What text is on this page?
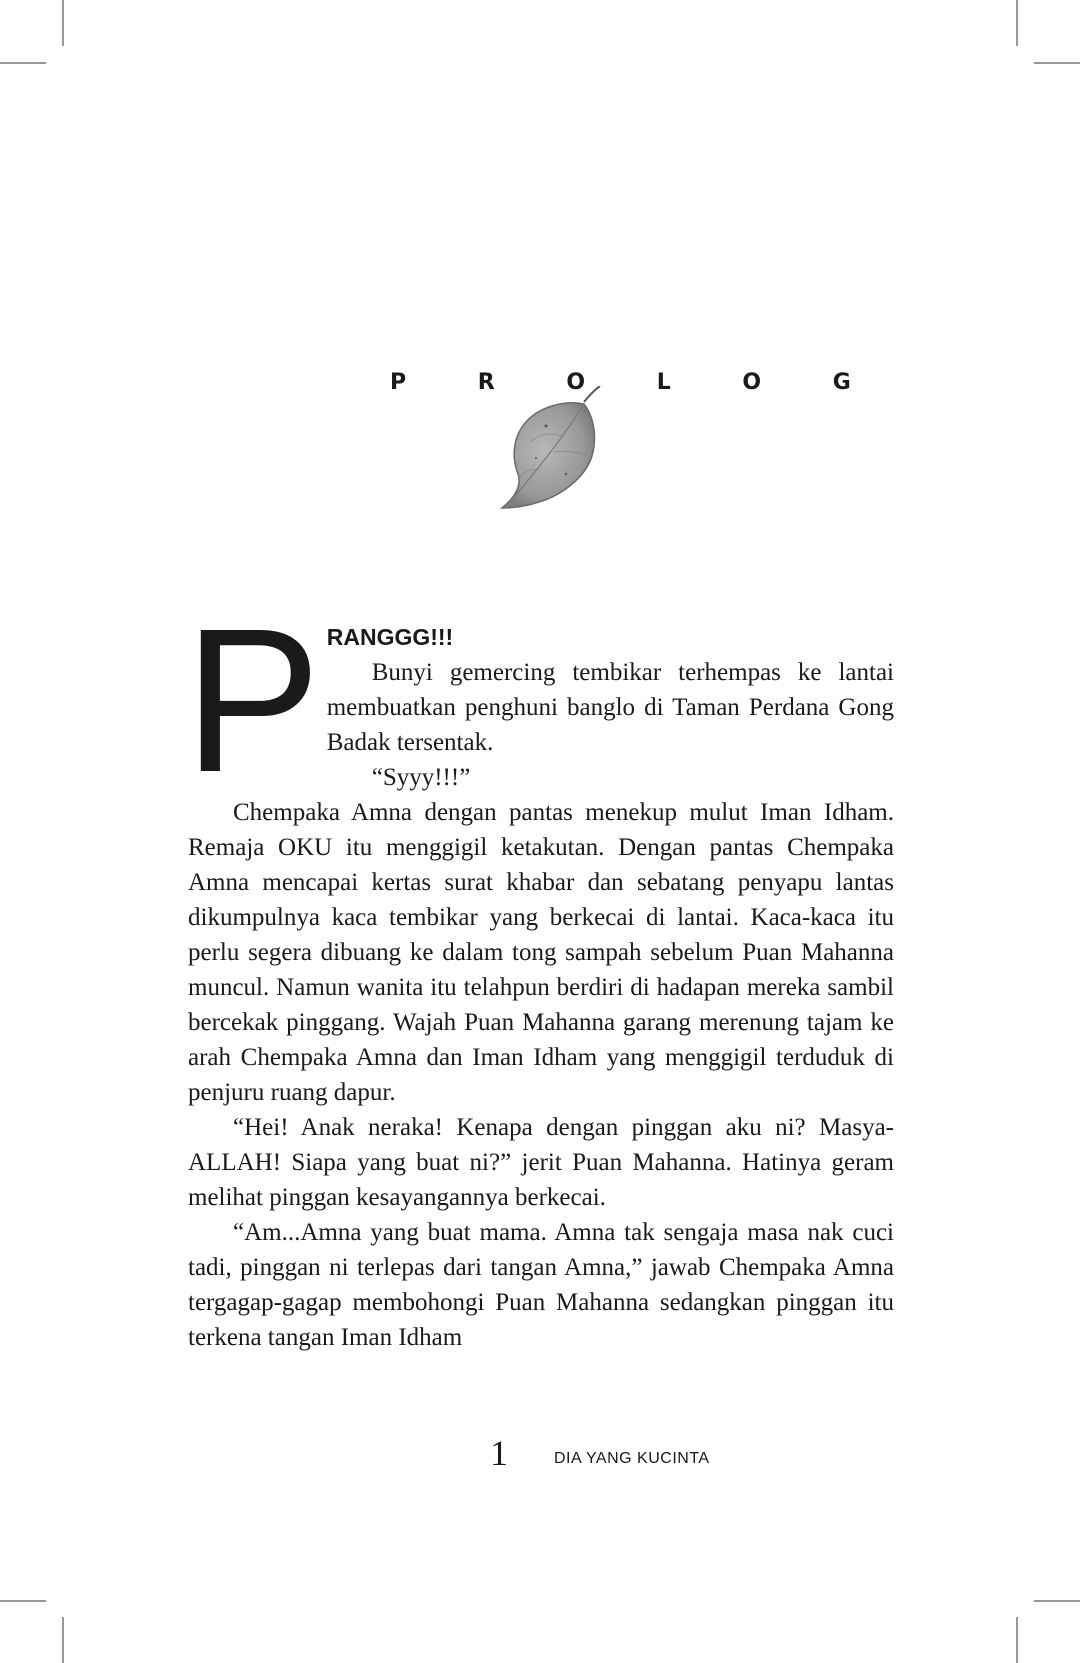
P R O L O G
P RANGGG!!!

Bunyi gemercing tembikar terhempas ke lantai membuatkan penghuni banglo di Taman Perdana Gong Badak tersentak.

“Syyy!!!”

Chempaka Amna dengan pantas menekup mulut Iman Idham. Remaja OKU itu menggigil ketakutan. Dengan pantas Chempaka Amna mencapai kertas surat khabar dan sebatang penyapu lantas dikumpulnya kaca tembikar yang berkecai di lantai. Kaca-kaca itu perlu segera dibuang ke dalam tong sampah sebelum Puan Mahanna muncul. Namun wanita itu telahpun berdiri di hadapan mereka sambil bercekak pinggang. Wajah Puan Mahanna garang merenung tajam ke arah Chempaka Amna dan Iman Idham yang menggigil terduduk di penjuru ruang dapur.

“Hei! Anak neraka! Kenapa dengan pinggan aku ni? Masya-ALLAH! Siapa yang buat ni?” jerit Puan Mahanna. Hatinya geram melihat pinggan kesayangannya berkecai.

“Am...Amna yang buat mama. Amna tak sengaja masa nak cuci tadi, pinggan ni terlepas dari tangan Amna,” jawab Chempaka Amna tergagap-gagap membohongi Puan Mahanna sedangkan pinggan itu terkena tangan Iman Idham

1	DIA YANG KUCINTA
